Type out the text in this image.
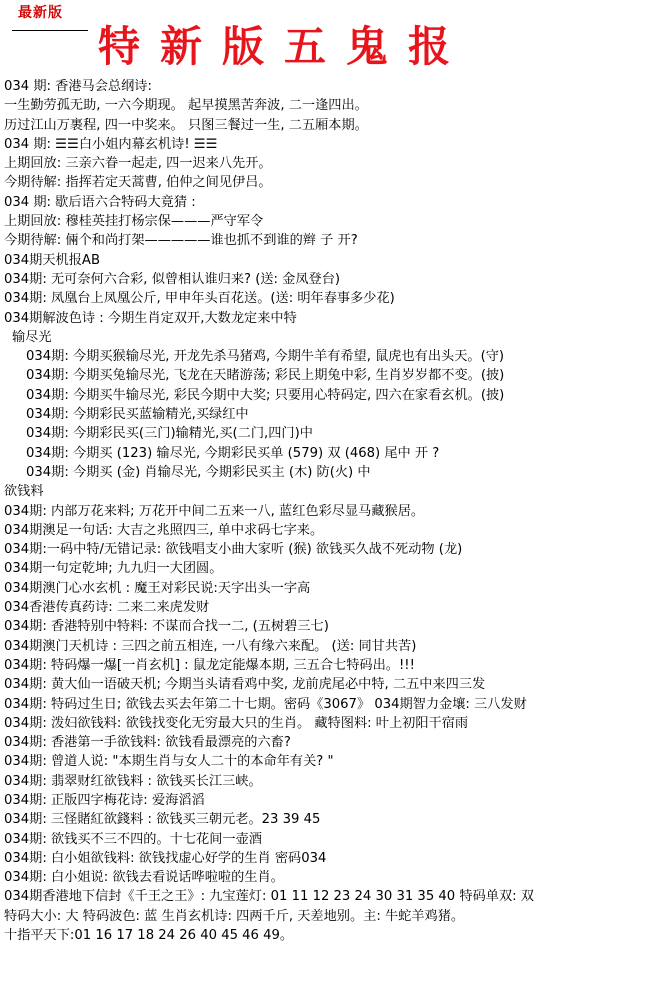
最新版
特新版五鬼报
034 期: 香港马会总纲诗:
一生勤劳孤无助, 一六今期现。 起早摸黑苦奔波, 二一逢四出。
历过江山万裹程, 四一中奖来。 只图三餐过一生, 二五厢本期。
034 期: ☰☰白小姐内幕玄机诗! ☰☰
上期回放: 三亲六眷一起走, 四一迟来八先开。
今期待解: 指挥若定天蒿曹, 伯仲之间见伊吕。
034 期: 歇后语六合特码大竟猜 :
上期回放: 穆桂英挂打杨宗保———严守军令
今期待解: 倆个和尚打架—————谁也抓不到谁的辫 子 开?
034期天机报AB
034期: 无可奈何六合彩, 似曾相认谁归来? (送: 金凤登台)
034期: 凤凰台上凤凰公斤, 甲申年头百花送。(送: 明年春事多少花)
034期解波色诗 : 今期生肖定双开,大数龙定来中特
输尽光
034期: 今期买猴输尽光, 开龙先杀马猪鸡, 今期牛羊有希望, 鼠虎也有出头天。(守)
034期: 今期买兔输尽光, 飞龙在天睹游荡; 彩民上期兔中彩, 生肖岁岁都不变。(披)
034期: 今期买牛输尽光, 彩民今期中大奖; 只要用心特码定, 四六在家看玄机。(披)
034期: 今期彩民买蓝输精光,买绿红中
034期: 今期彩民买(三门)输精光,买(二门,四门)中
034期: 今期买 (123) 输尽光, 今期彩民买单 (579) 双 (468) 尾中 开 ?
034期: 今期买 (金) 肖输尽光, 今期彩民买主 (木) 防(火) 中
欲钱料
034期: 内部万花来料; 万花开中间二五来一八, 蓝红色彩尽显马藏猴居。
034期澳足一句话: 大吉之兆照四三, 单中求码七字来。
034期:一码中特/无错记录: 欲钱唱支小曲大家听 (猴) 欲钱买久战不死动物 (龙)
034期一句定乾坤; 九九归一大团圆。
034期澳门心水玄机 : 魔王对彩民说:天字出头一字高
034香港传真药诗: 二来二来虎发财
034期: 香港特别中特料: 不谋而合找一二, (五树碧三七)
034期澳门天机诗 : 三四之前五相连, 一八有缘六来配。 (送: 同甘共苦)
034期: 特码爆一爆[一肖玄机] : 鼠龙定能爆本期, 三五合七特码出。!!!
034期: 黄大仙一语破天机; 今期当头请看鸡中奖, 龙前虎尾必中特, 二五中来四三发
034期: 特码过生日; 欲钱去买去年第二十七期。密码《3067》 034期智力金壤: 三八发财
034期: 泼妇欲钱料: 欲钱找变化无穷最大只的生肖。 藏特图料: 叶上初阳干宿雨
034期: 香港第一手欲钱料: 欲钱看最漂亮的六畜?
034期: 曾道人说: "本期生肖与女人二十的本命年有关? "
034期: 翡翠财红欲钱料 : 欲钱买长江三峡。
034期: 正版四字梅花诗: 爱海滔滔
034期: 三怪賭紅欲錢料 : 欲钱买三朝元老。23 39 45
034期: 欲钱买不三不四的。十七花间一壶酒
034期: 白小姐欲钱料: 欲钱找虚心好学的生肖 密码034
034期: 白小姐说: 欲钱去看说话哗啦啦的生肖。
034期香港地下信封《千王之王》: 九宝莲灯: 01 11 12 23 24 30 31 35 40 特码单双: 双
特码大小: 大 特码波色: 蓝 生肖玄机诗: 四两千斤, 天差地别。主: 牛蛇羊鸡猪。
十指平天下:01 16 17 18 24 26 40 45 46 49。
